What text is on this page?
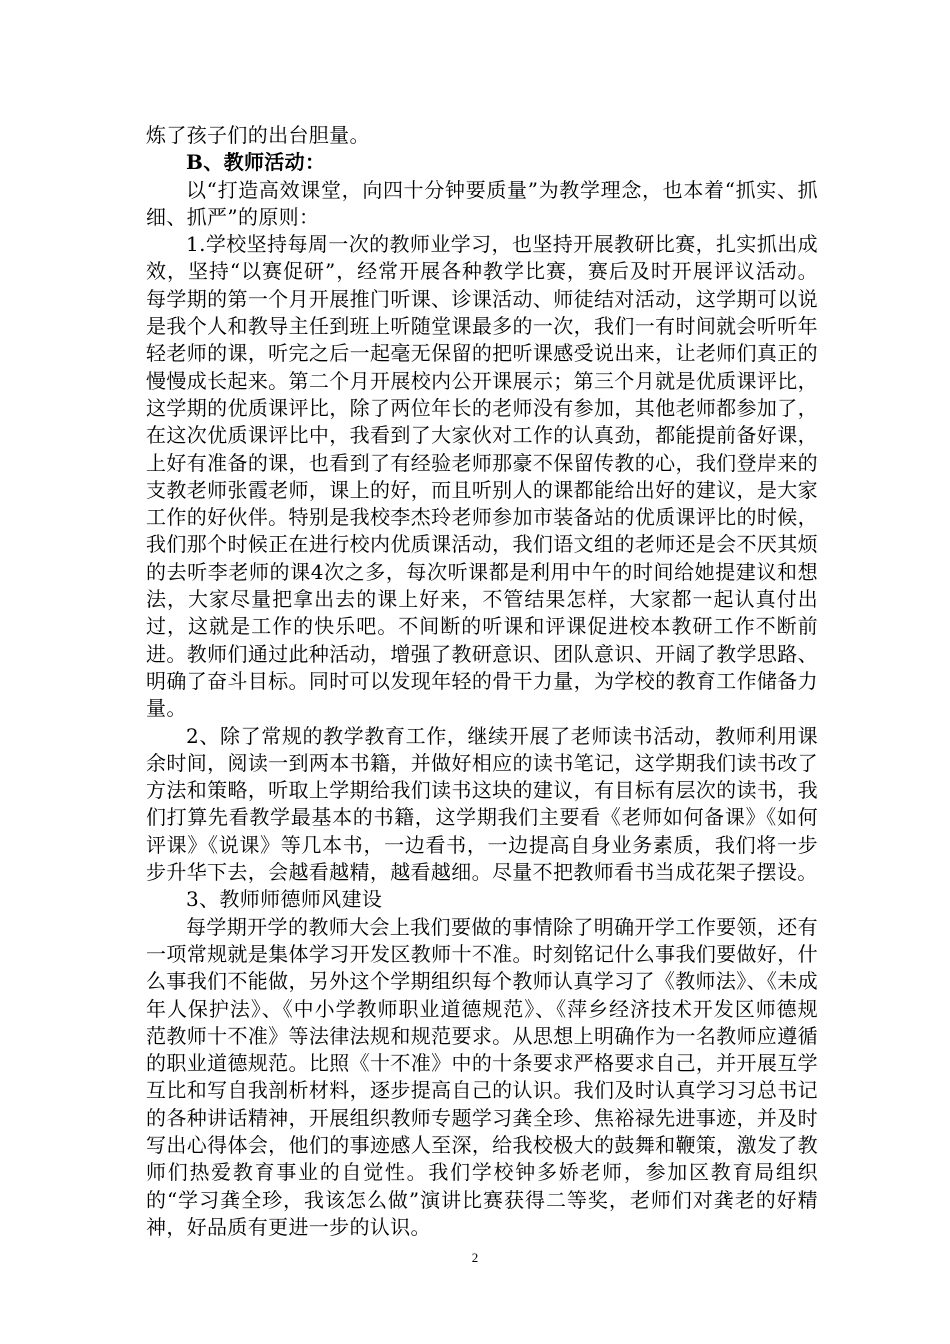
炼了孩子们的出台胆量。

B、教师活动：

以“打造高效课堂，向四十分钟要质量”为教学理念，也本着“抓实、抓细、抓严”的原则：

1.学校坚持每周一次的教师业学习，也坚持开展教研比赛，扎实抓出成效，坚持“以赛促研”，经常开展各种教学比赛，赛后及时开展评议活动。每学期的第一个月开展推门听课、诊课活动、师徒结对活动，这学期可以说是我个人和教导主任到班上听随堂课最多的一次，我们一有时间就会听听年轻老师的课，听完之后一起毫无保留的把听课感受说出来，让老师们真正的慢慢成长起来。第二个月开展校内公开课展示；第三个月就是优质课评比，这学期的优质课评比，除了两位年长的老师没有参加，其他老师都参加了，在这次优质课评比中，我看到了大家伙对工作的认真劲，都能提前备好课，上好有准备的课，也看到了有经验老师那豪不保留传教的心，我们登岸来的支教老师张霞老师，课上的好，而且听别人的课都能给出好的建议，是大家工作的好伙伴。特别是我校李杰玲老师参加市装备站的优质课评比的时候，我们那个时候正在进行校内优质课活动，我们语文组的老师还是会不厌其烦的去听李老师的课4次之多，每次听课都是利用中午的时间给她提建议和想法，大家尽量把拿出去的课上好来，不管结果怎样，大家都一起认真付出过，这就是工作的快乐吧。不间断的听课和评课促进校本教研工作不断前进。教师们通过此种活动，增强了教研意识、团队意识、开阔了教学思路、明确了奋斗目标。同时可以发现年轻的骨干力量，为学校的教育工作储备力量。

2、除了常规的教学教育工作，继续开展了老师读书活动，教师利用课余时间，阅读一到两本书籍，并做好相应的读书笔记，这学期我们读书改了方法和策略，听取上学期给我们读书这块的建议，有目标有层次的读书，我们打算先看教学最基本的书籍，这学期我们主要看《老师如何备课》《如何评课》《说课》等几本书，一边看书，一边提高自身业务素质，我们将一步步升华下去，会越看越精，越看越细。尽量不把教师看书当成花架子摆设。

3、教师师德师风建设

每学期开学的教师大会上我们要做的事情除了明确开学工作要领，还有一项常规就是集体学习开发区教师十不准。时刻铭记什么事我们要做好，什么事我们不能做，另外这个学期组织每个教师认真学习了《教师法》、《未成年人保护法》、《中小学教师职业道德规范》、《萍乡经济技术开发区师德规范教师十不准》等法律法规和规范要求。从思想上明确作为一名教师应遵循的职业道德规范。比照《十不准》中的十条要求严格要求自己，并开展互学互比和写自我剖析材料，逐步提高自己的认识。我们及时认真学习习总书记的各种讲话精神，开展组织教师专题学习龚全珍、焦裕禄先进事迹，并及时写出心得体会，他们的事迹感人至深，给我校极大的鼓舞和鞭策，激发了教师们热爱教育事业的自觉性。我们学校钟多娇老师，参加区教育局组织的“学习龚全珍，我该怎么做”演讲比赛获得二等奖，老师们对龚老的好精神，好品质有更进一步的认识。

2
